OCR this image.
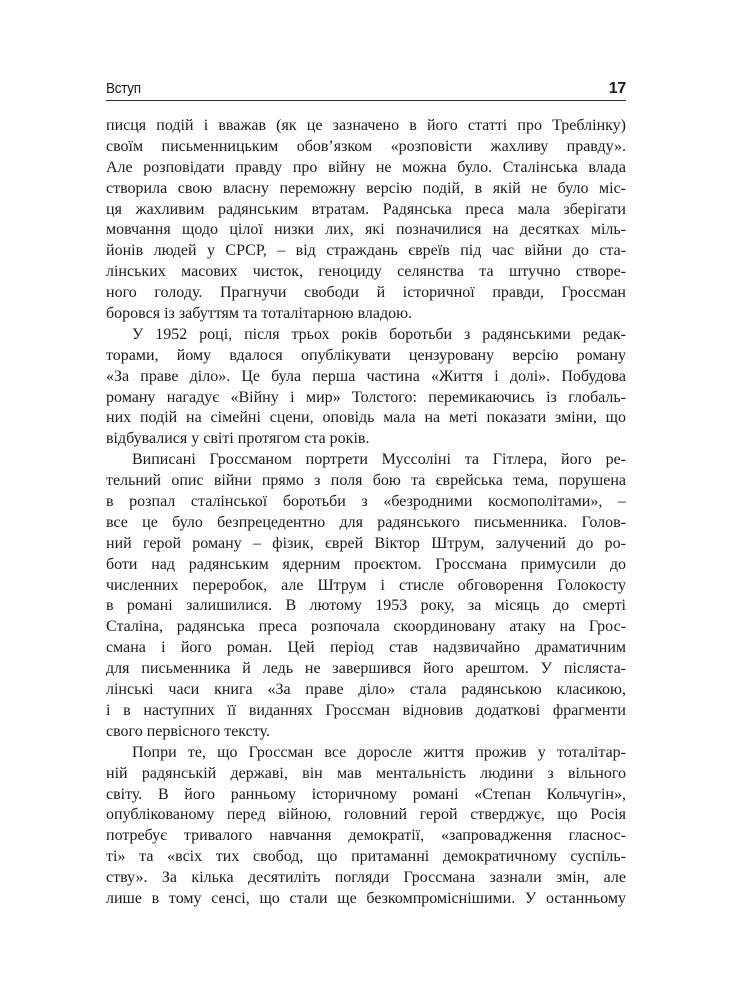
Вступ	17
писця подій і вважав (як це зазначено в його статті про Треблінку)
своїм письменницьким обов’язком «розповісти жахливу правду».
Але розповідати правду про війну не можна було. Сталінська влада
створила свою власну переможну версію подій, в якій не було міс-
ця жахливим радянським втратам. Радянська преса мала зберігати
мовчання щодо цілої низки лих, які позначилися на десятках міль-
йонів людей у СРСР, – від страждань євреїв під час війни до ста-
лінських масових чисток, геноциду селянства та штучно створе-
ного голоду. Прагнучи свободи й історичної правди, Гроссман
боровся із забуттям та тоталітарною владою.
У 1952 році, після трьох років боротьби з радянськими редак-
торами, йому вдалося опублікувати цензуровану версію роману
«За праве діло». Це була перша частина «Життя і долі». Побудова
роману нагадує «Війну і мир» Толстого: перемикаючись із глобаль-
них подій на сімейні сцени, оповідь мала на меті показати зміни, що
відбувалися у світі протягом ста років.
Виписані Гроссманом портрети Муссоліні та Гітлера, його ре-
тельний опис війни прямо з поля бою та єврейська тема, порушена
в розпал сталінської боротьби з «безродними космополітами», –
все це було безпрецедентно для радянського письменника. Голов-
ний герой роману – фізик, єврей Віктор Штрум, залучений до ро-
боти над радянським ядерним проєктом. Гроссмана примусили до
численних переробок, але Штрум і стисле обговорення Голокосту
в романі залишилися. В лютому 1953 року, за місяць до смерті
Сталіна, радянська преса розпочала скоординовану атаку на Грос-
смана і його роман. Цей період став надзвичайно драматичним
для письменника й ледь не завершився його арештом. У післяста-
лінські часи книга «За праве діло» стала радянською класикою,
і в наступних її виданнях Гроссман відновив додаткові фрагменти
свого первісного тексту.
Попри те, що Гроссман все доросле життя прожив у тоталітар-
ній радянській державі, він мав ментальність людини з вільного
світу. В його ранньому історичному романі «Степан Кольчугін»,
опублікованому перед війною, головний герой стверджує, що Росія
потребує тривалого навчання демократії, «запровадження гласнос-
ті» та «всіх тих свобод, що притаманні демократичному суспіль-
ству». За кілька десятиліть погляди Гроссмана зазнали змін, але
лише в тому сенсі, що стали ще безкомпроміснішими. У останньому
